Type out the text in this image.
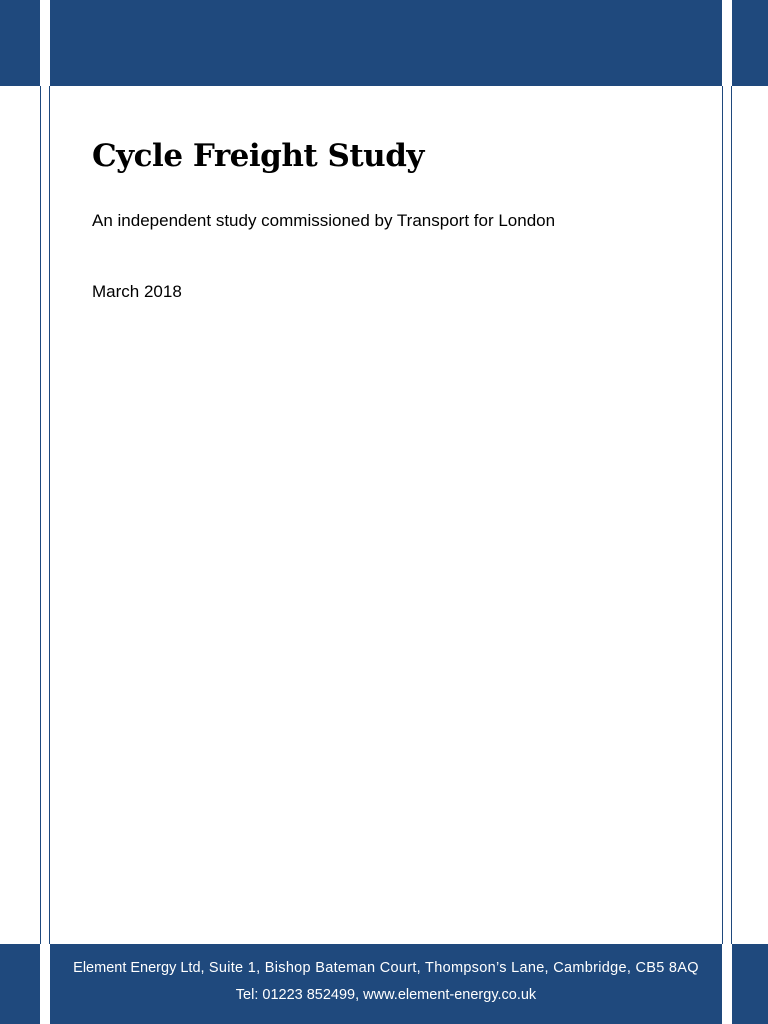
Cycle Freight Study

An independent study commissioned by Transport for London

March 2018

Element Energy Ltd, Suite 1, Bishop Bateman Court, Thompson’s Lane, Cambridge, CB5 8AQ
Tel: 01223 852499, www.element-energy.co.uk
